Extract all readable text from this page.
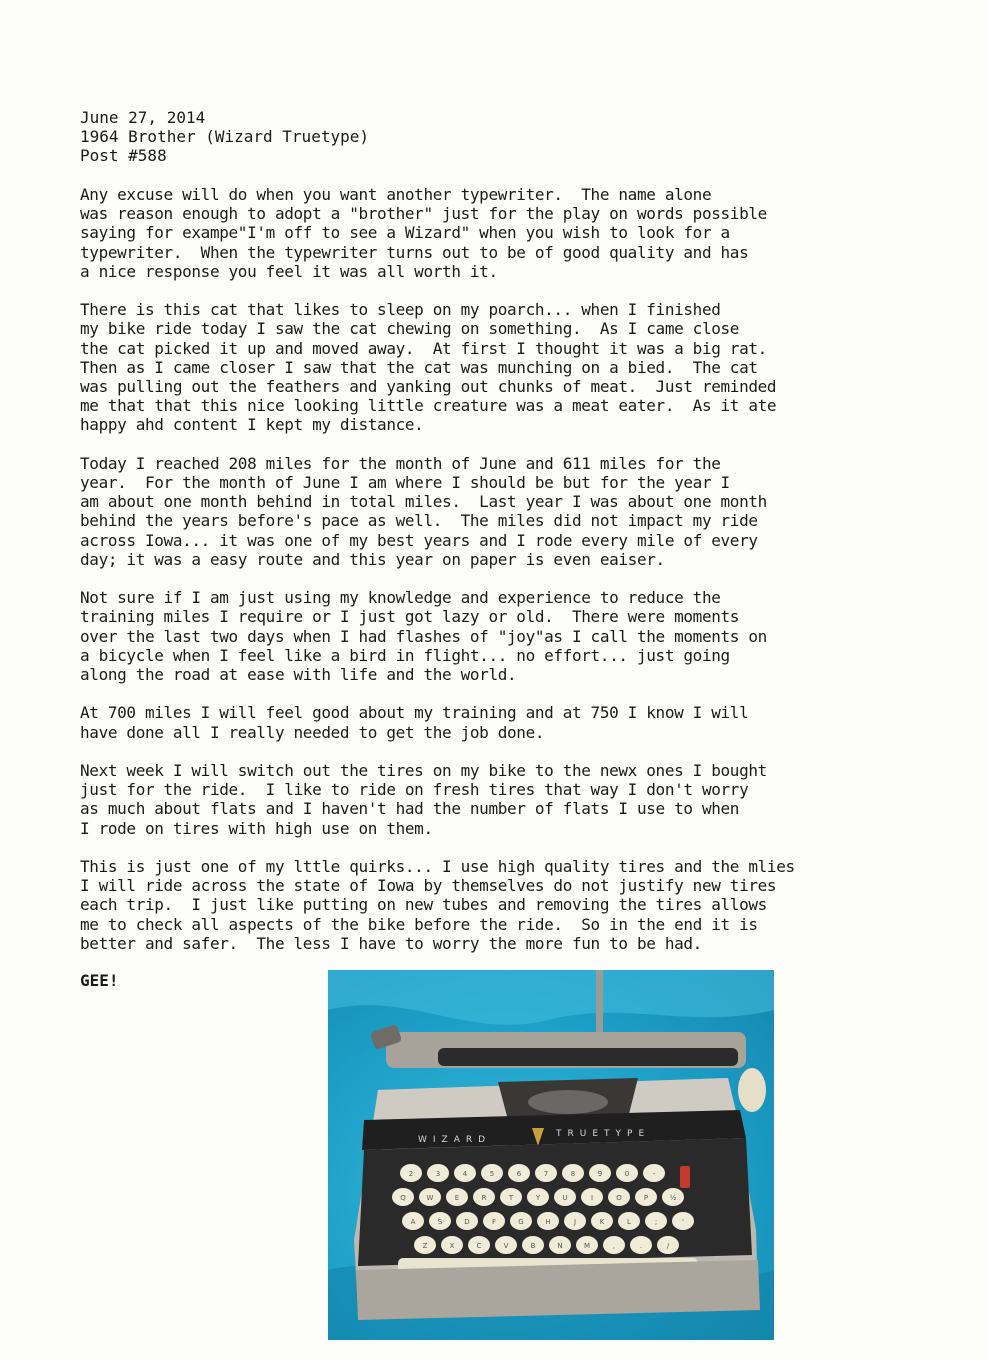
June 27, 2014
1964 Brother (Wizard Truetype)
Post #588
Any excuse will do when you want another typewriter.  The name alone
was reason enough to adopt a "brother" just for the play on words possible
saying for exampe"I'm off to see a Wizard" when you wish to look for a
typewriter.  When the typewriter turns out to be of good quality and has
a nice response you feel it was all worth it.
There is this cat that likes to sleep on my poarch... when I finished
my bike ride today I saw the cat chewing on something.  As I came close
the cat picked it up and moved away.  At first I thought it was a big rat.
Then as I came closer I saw that the cat was munching on a bied.  The cat
was pulling out the feathers and yanking out chunks of meat.  Just reminded
me that that this nice looking little creature was a meat eater.  As it ate
happy ahd content I kept my distance.
Today I reached 208 miles for the month of June and 611 miles for the
year.  For the month of June I am where I should be but for the year I
am about one month behind in total miles.  Last year I was about one month
behind the years before's pace as well.  The miles did not impact my ride
across Iowa... it was one of my best years and I rode every mile of every
day; it was a easy route and this year on paper is even eaiser.
Not sure if I am just using my knowledge and experience to reduce the
training miles I require or I just got lazy or old.  There were moments
over the last two days when I had flashes of "joy"as I call the moments on
a bicycle when I feel like a bird in flight... no effort... just going
along the road at ease with life and the world.
At 700 miles I will feel good about my training and at 750 I know I will
have done all I really needed to get the job done.
Next week I will switch out the tires on my bike to the newx ones I bought
just for the ride.  I like to ride on fresh tires that way I don't worry
as much about flats and I haven't had the number of flats I use to when
I rode on tires with high use on them.
This is just one of my lttle quirks... I use high quality tires and the mlies
I will ride across the state of Iowa by themselves do not justify new tires
each trip.  I just like putting on new tubes and removing the tires allows
me to check all aspects of the bike before the ride.  So in the end it is
better and safer.  The less I have to worry the more fun to be had.
GEE!
WIZARD
TRUETYPE
2	3	4	5	6	7	8	9	0	-
Q	W	E	R	T	Y	U	I	O	P	½
A	S	D	F	G	H	J	K	L	;	'
Z	X	C	V	B	N	M	,	.	/
